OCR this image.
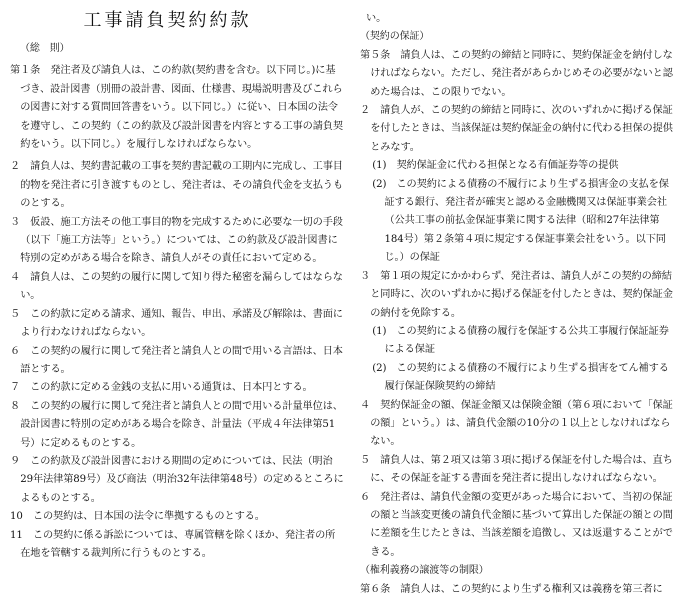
工事請負契約約款
（総　則）
第１条　発注者及び請負人は、この約款(契約書を含む。以下同じ。)に基づき、設計図書（別冊の設計書、図面、仕様書、現場説明書及びこれらの図書に対する質問回答書をいう。以下同じ。）に従い、日本国の法令を遵守し、この契約（この約款及び設計図書を内容とする工事の請負契約をいう。以下同じ。）を履行しなければならない。
２　請負人は、契約書記載の工事を契約書記載の工期内に完成し、工事目的物を発注者に引き渡すものとし、発注者は、その請負代金を支払うものとする。
３　仮設、施工方法その他工事目的物を完成するために必要な一切の手段（以下「施工方法等」という。）については、この約款及び設計図書に特別の定めがある場合を除き、請負人がその責任において定める。
４　請負人は、この契約の履行に関して知り得た秘密を漏らしてはならない。
５　この約款に定める請求、通知、報告、申出、承諾及び解除は、書面により行わなければならない。
６　この契約の履行に関して発注者と請負人との間で用いる言語は、日本語とする。
７　この約款に定める金銭の支払に用いる通貨は、日本円とする。
８　この契約の履行に関して発注者と請負人との間で用いる計量単位は、設計図書に特別の定めがある場合を除き、計量法（平成４年法律第51号）に定めるものとする。
９　この約款及び設計図書における期間の定めについては、民法（明治29年法律第89号）及び商法（明治32年法律第48号）の定めるところによるものとする。
10　この契約は、日本国の法令に準拠するものとする。
11　この契約に係る訴訟については、専属管轄を除くほか、発注者の所在地を管轄する裁判所に行うものとする。
い。
（契約の保証）
第５条　請負人は、この契約の締結と同時に、契約保証金を納付しなければならない。ただし、発注者があらかじめその必要がないと認めた場合は、この限りでない。
２　請負人が、この契約の締結と同時に、次のいずれかに掲げる保証を付したときは、当該保証は契約保証金の納付に代わる担保の提供とみなす。
(1)　契約保証金に代わる担保となる有価証券等の提供
(2)　この契約による債務の不履行により生ずる損害金の支払を保証する銀行、発注者が確実と認める金融機関又は保証事業会社（公共工事の前払金保証事業に関する法律（昭和27年法律第184号）第２条第４項に規定する保証事業会社をいう。以下同じ。）の保証
３　第１項の規定にかかわらず、発注者は、請負人がこの契約の締結と同時に、次のいずれかに掲げる保証を付したときは、契約保証金の納付を免除する。
(1)　この契約による債務の履行を保証する公共工事履行保証証券による保証
(2)　この契約による債務の不履行により生ずる損害をてん補する履行保証保険契約の締結
４　契約保証金の額、保証金額又は保険金額（第６項において「保証の額」という。）は、請負代金額の10分の１以上としなければならない。
５　請負人は、第２項又は第３項に掲げる保証を付した場合は、直ちに、その保証を証する書面を発注者に提出しなければならない。
６　発注者は、請負代金額の変更があった場合において、当初の保証の額と当該変更後の請負代金額に基づいて算出した保証の額との間に差額を生じたときは、当該差額を追徴し、又は返還することができる。
（権利義務の譲渡等の制限）
第６条　請負人は、この契約により生ずる権利又は義務を第三者に
